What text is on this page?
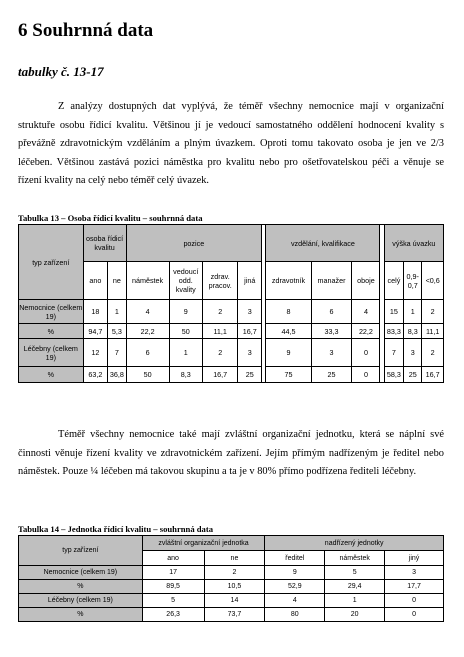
6 Souhrnná data
tabulky č. 13-17

Z analýzy dostupných dat vyplývá, že téměř všechny nemocnice mají v organizační struktuře osobu řídicí kvalitu. Většinou jí je vedoucí samostatného oddělení hodnocení kvality s převážně zdravotnickým vzděláním a plným úvazkem. Oproti tomu takovato osoba je jen ve 2/3 léčeben. Většinou zastává pozici náměstka pro kvalitu nebo pro ošetřovatelskou péči a věnuje se řízení kvality na celý nebo téměř celý úvazek.

Tabulka 13 – Osoba řídicí kvalitu – souhrnná data
typ zařízení	osoba řídicí kvalitu		pozice					vzdělání, kvalifikace				výška úvazku		
	ano	ne	náměstek	vedoucí odd. kvality	zdrav. pracov.	jiná		zdravotník	manažer	oboje		celý	0,9-0,7	<0,6
Nemocnice (celkem 19)	18	1	4	9	2	3		8	6	4		15	1	2
%	94,7	5,3	22,2	50	11,1	16,7		44,5	33,3	22,2		83,3	8,3	11,1
Léčebny (celkem 19)	12	7	6	1	2	3		9	3	0		7	3	2
%	63,2	36,8	50	8,3	16,7	25		75	25	0		58,3	25	16,7

Téměř všechny nemocnice také mají zvláštní organizační jednotku, která se náplní své činnosti věnuje řízení kvality ve zdravotnickém zařízení. Jejím přímým nadřízeným je ředitel nebo náměstek. Pouze ¼ léčeben má takovou skupinu a ta je v 80% přímo podřízena řediteli léčebny.

Tabulka 14 – Jednotka řídicí kvalitu – souhrnná data
typ zařízení	zvláštní organizační jednotka		nadřízený jednotky		
	ano	ne	ředitel	náměstek	jiný
Nemocnice (celkem 19)	17	2	9	5	3
%	89,5	10,5	52,9	29,4	17,7
Léčebny (celkem 19)	5	14	4	1	0
%	26,3	73,7	80	20	0
